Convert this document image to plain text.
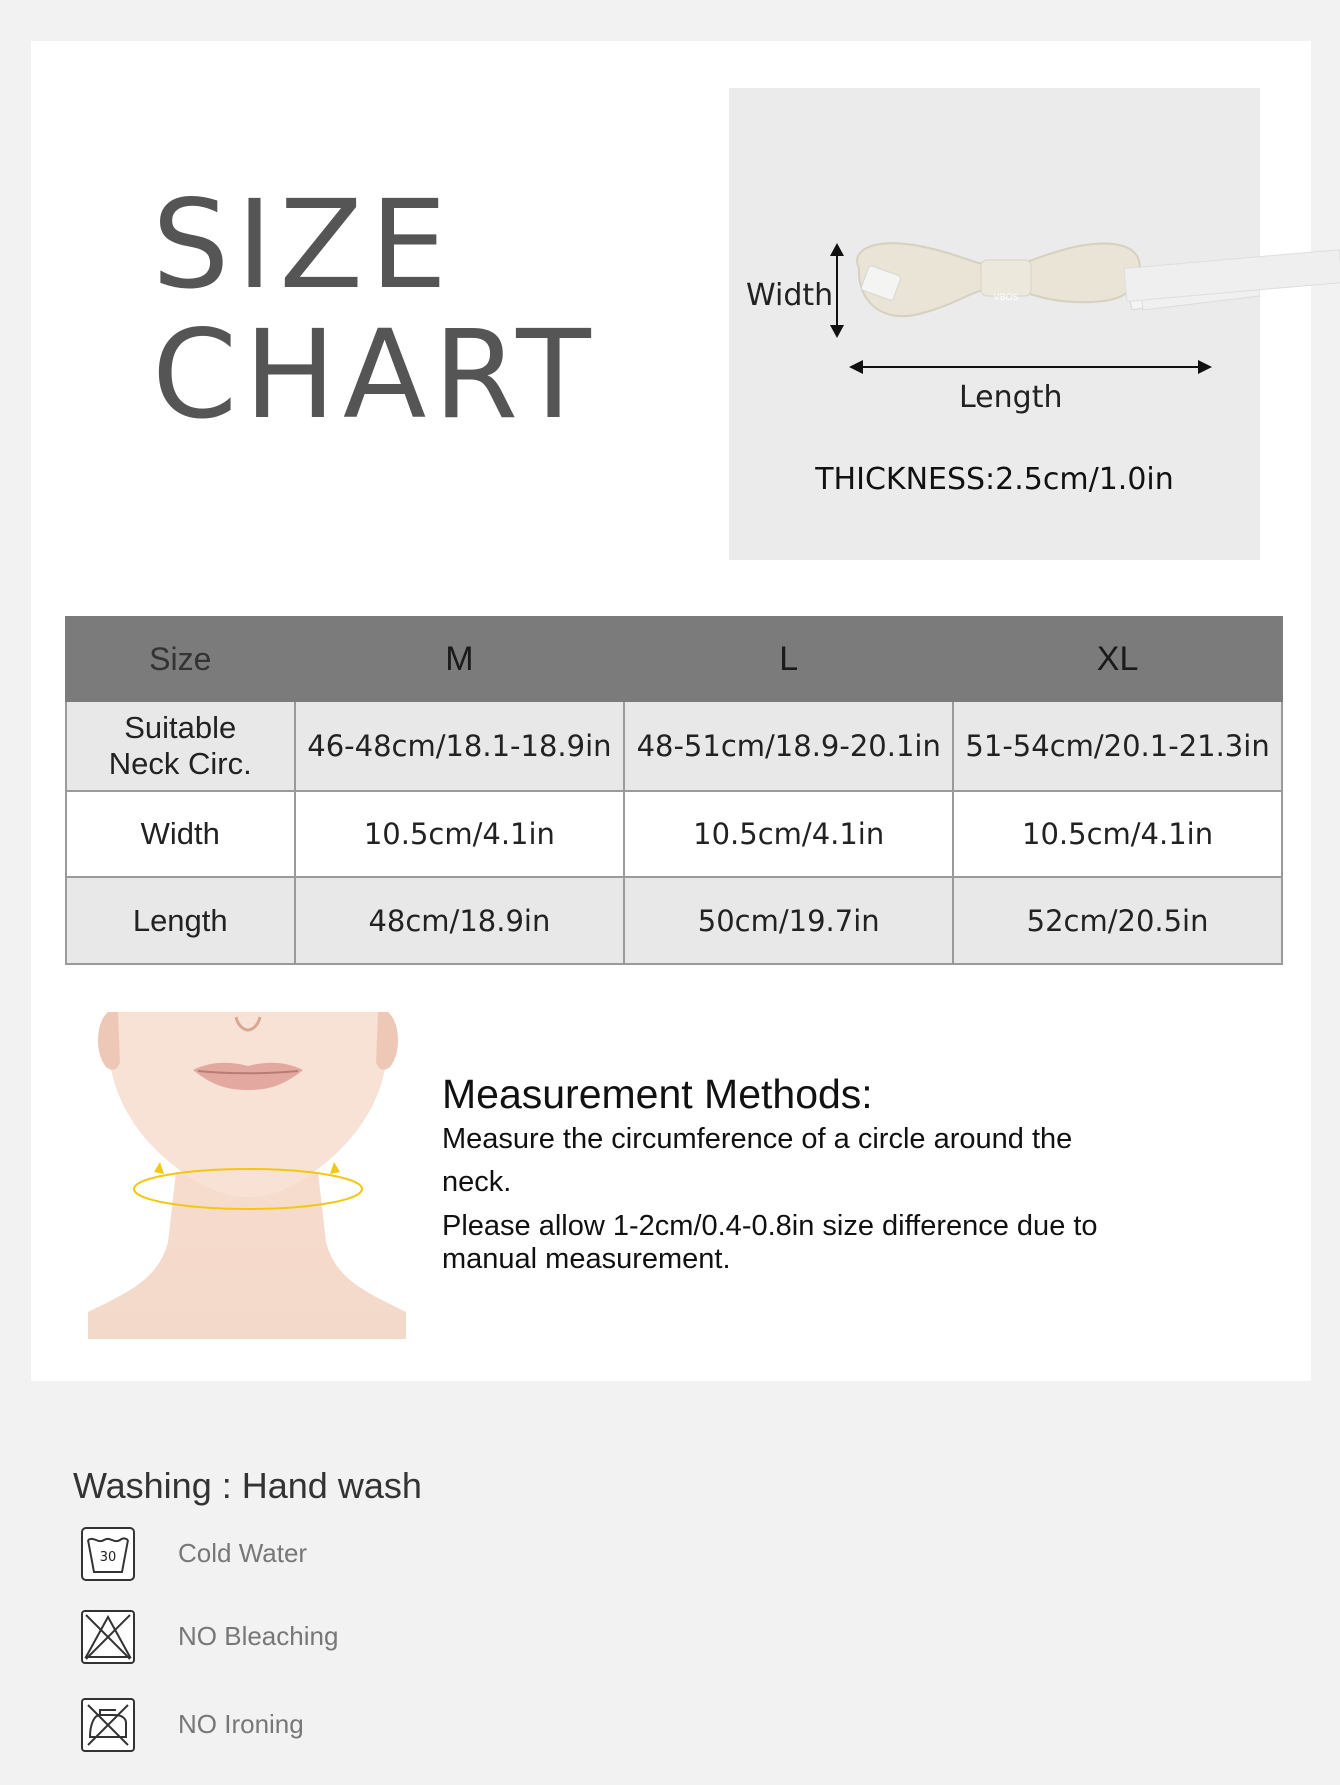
SIZE
CHART
VBOS
Width
Length
THICKNESS:2.5cm/1.0in
Size	M	L	XL
Suitable
Neck Circ.	46-48cm/18.1-18.9in	48-51cm/18.9-20.1in	51-54cm/20.1-21.3in
Width	10.5cm/4.1in	10.5cm/4.1in	10.5cm/4.1in
Length	48cm/18.9in	50cm/19.7in	52cm/20.5in
Measurement Methods:

Measure the circumference of a circle around the
neck.

Please allow 1-2cm/0.4-0.8in size difference due to
manual measurement.

Washing : Hand wash
30 Cold Water
NO Bleaching
NO Ironing
